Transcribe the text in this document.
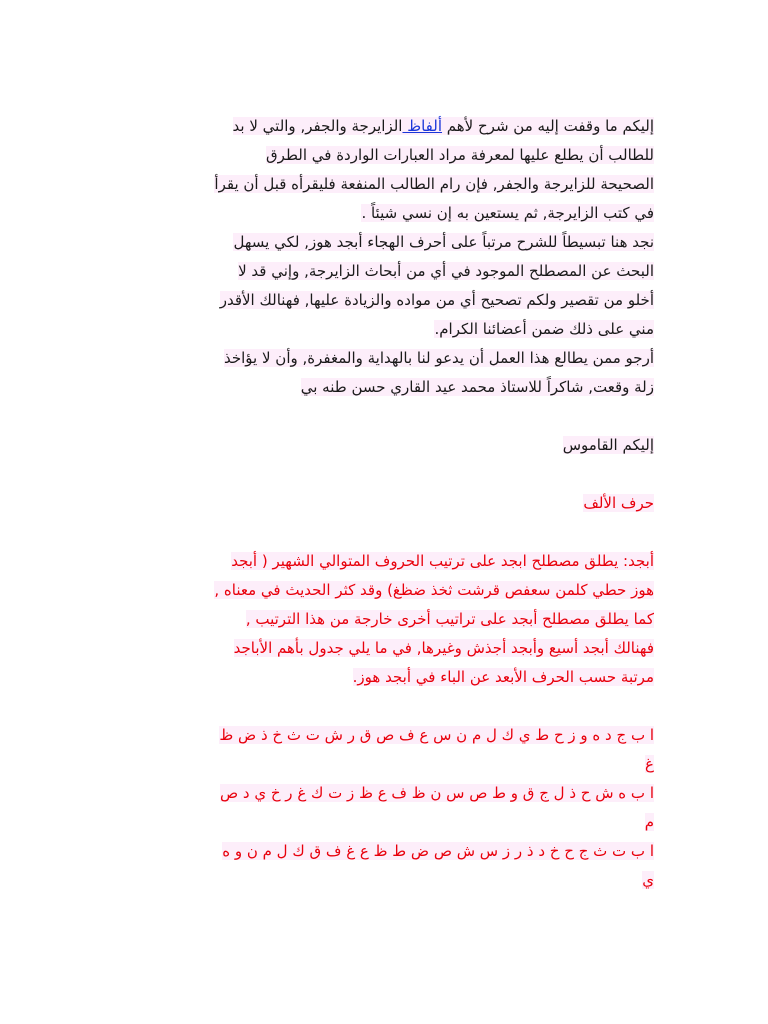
إليكم ما وقفت إليه من شرح لأهم ألفاظ الزايرجة والجفر, والتي لا بد
للطالب أن يطلع عليها لمعرفة مراد العبارات الواردة في الطرق
الصحيحة للزايرجة والجفر, فإن رام الطالب المنفعة فليقرأه قبل أن يقرأ
في كتب الزايرجة, ثم يستعين به إن نسي شيئاً .
نجد هنا تبسيطاً للشرح مرتباً على أحرف الهجاء أبجد هوز, لكي يسهل
البحث عن المصطلح الموجود في أي من أبحاث الزايرجة, وإني قد لا
أخلو من تقصير ولكم تصحيح أي من مواده والزيادة عليها, فهنالك الأقدر
مني على ذلك ضمن أعضائنا الكرام.
أرجو ممن يطالع هذا العمل أن يدعو لنا بالهداية والمغفرة, وأن لا يؤاخذ
زلة وقعت, شاكراً للاستاذ محمد عيد القاري حسن طنه بي
إليكم القاموس
حرف الألف
أبجد: يطلق مصطلح ابجد على ترتيب الحروف المتوالي الشهير ( أبجد
هوز حطي كلمن سعفص قرشت ثخذ ضظغ) وقد كثر الحديث في معناه ,
كما يطلق مصطلح أبجد على تراتيب أخرى خارجة من هذا الترتيب ,
فهنالك أبجد أسيع وأبجد أجذش وغيرها, في ما يلي جدول بأهم الأباجد
مرتبة حسب الحرف الأبعد عن الباء في أبجد هوز.
ا ب ج د ه و ز ح ط ي ك ل م ن س ع ف ص ق ر ش ت ث خ ذ ض ظ
غ
ا ب ه ش ح ذ ل ج ق و ط ص س ن ظ ف ع ظ ز ت ك غ ر خ ي د ص
م
ا ب ت ث ج ح خ د ذ ر ز س ش ص ض ط ظ ع غ ف ق ك ل م ن و ه
ي
